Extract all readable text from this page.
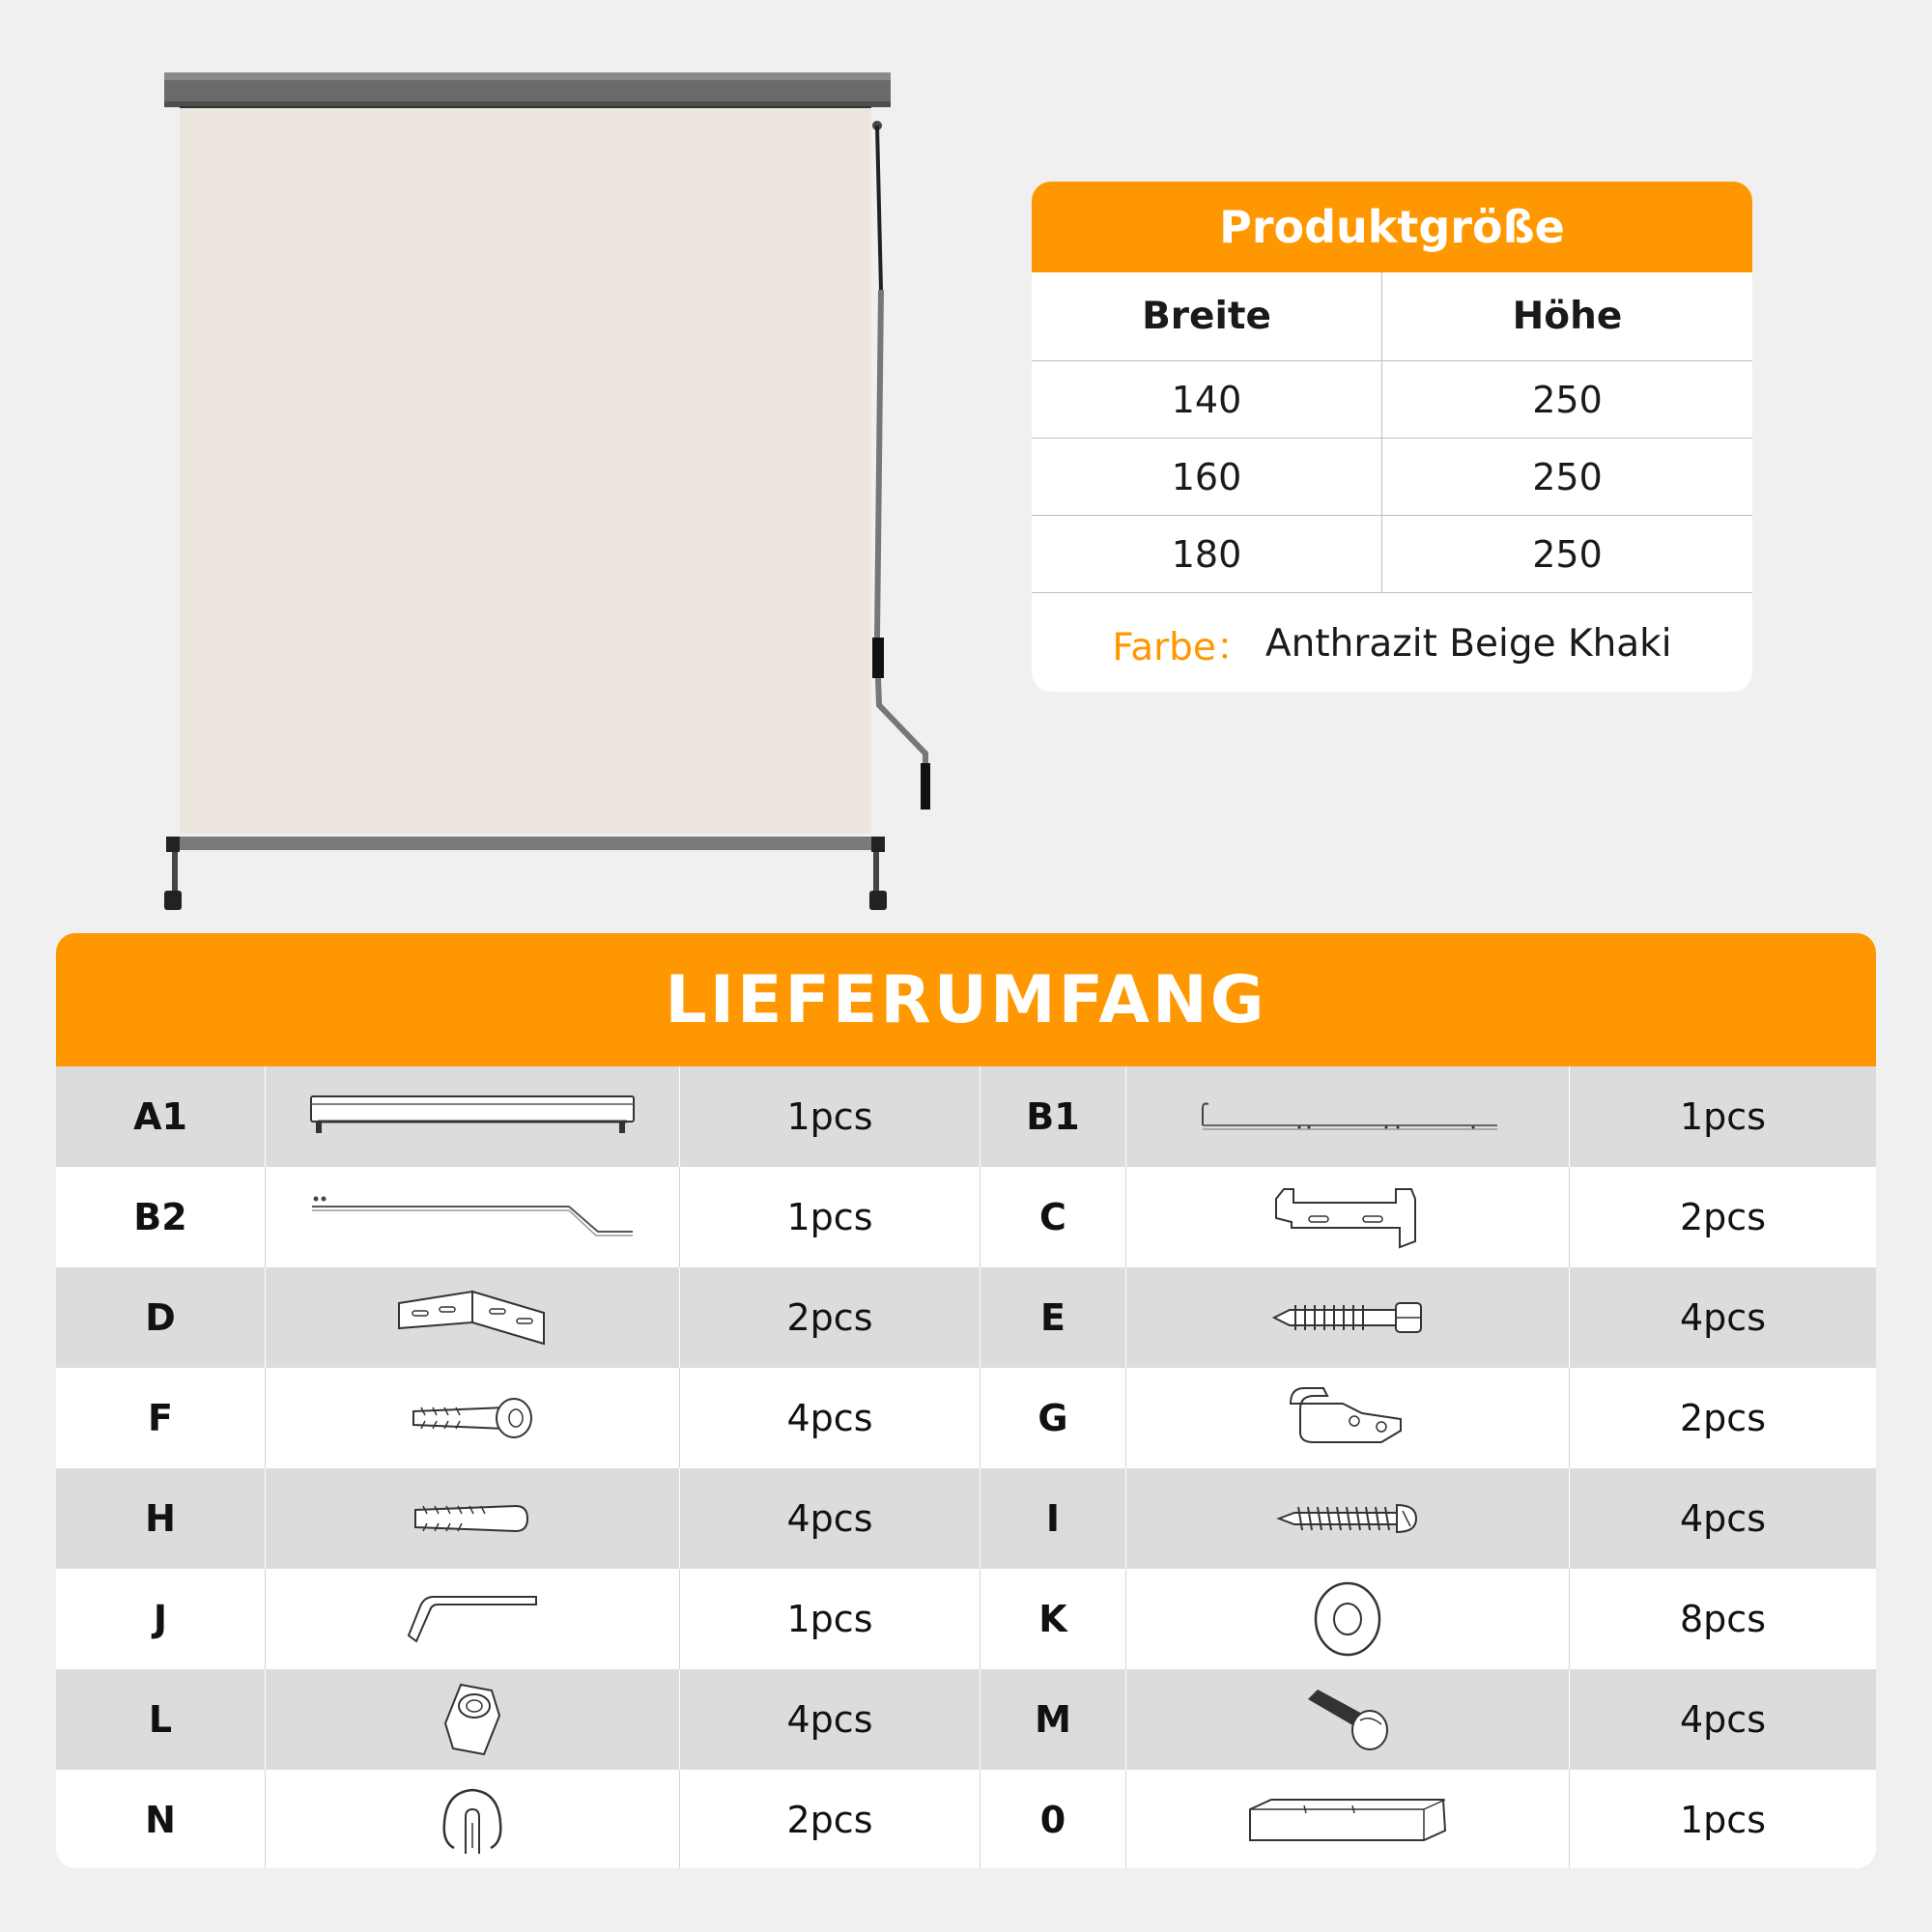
Produktgröße
Breite	Höhe
140	250
160	250
180	250
Farbe： Anthrazit Beige Khaki
LIEFERUMFANG
A1	1pcs	B1	1pcs
B2	1pcs	C	2pcs
D	2pcs	E	4pcs
F	4pcs	G	2pcs
H	4pcs	I	4pcs
J	1pcs	K	8pcs
L	4pcs	M	4pcs
N	2pcs	0	1pcs
